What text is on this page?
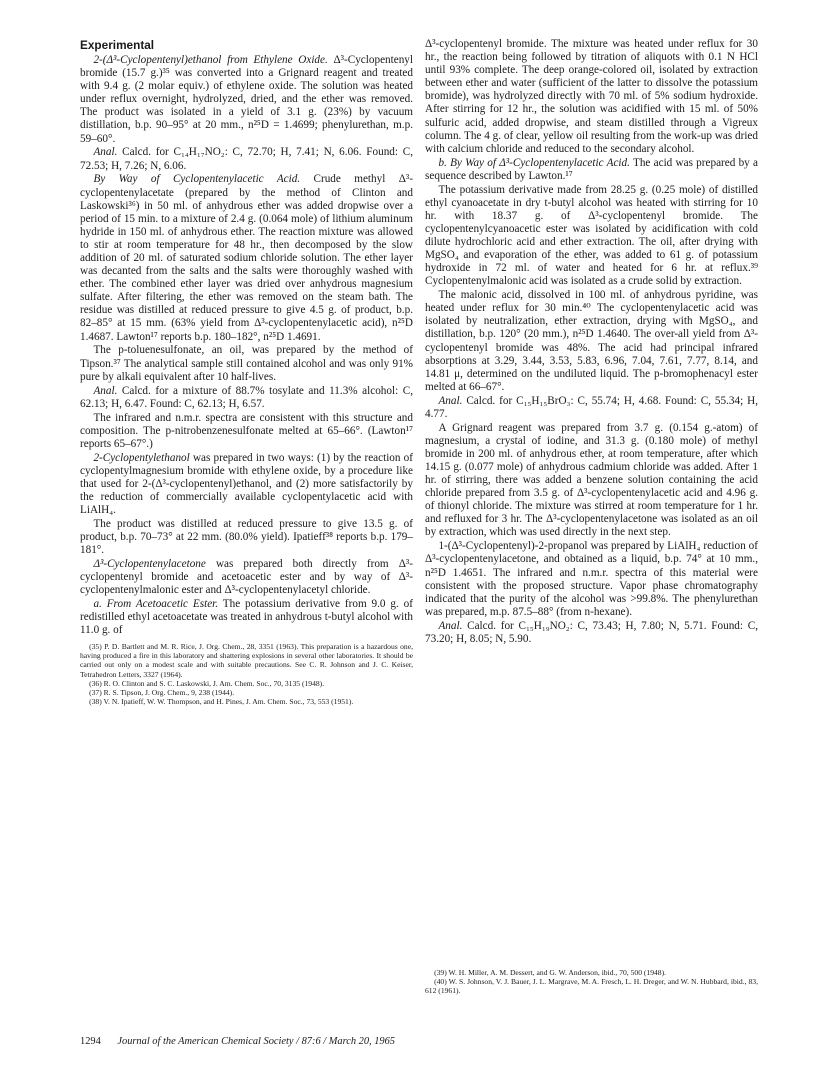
Experimental

2-(Δ³-Cyclopentenyl)ethanol from Ethylene Oxide. Δ³-Cyclopentenyl bromide (15.7 g.)³⁵ was converted into a Grignard reagent and treated with 9.4 g. (2 molar equiv.) of ethylene oxide. The solution was heated under reflux overnight, hydrolyzed, dried, and the ether was removed. The product was isolated in a yield of 3.1 g. (23%) by vacuum distillation, b.p. 90–95° at 20 mm., n²⁵D = 1.4699; phenylurethan, m.p. 59–60°.

Anal. Calcd. for C₁₄H₁₇NO₂: C, 72.70; H, 7.41; N, 6.06. Found: C, 72.53; H, 7.26; N, 6.06.

By Way of Cyclopentenylacetic Acid. Crude methyl Δ³-cyclopentenylacetate (prepared by the method of Clinton and Laskowski³⁶) in 50 ml. of anhydrous ether was added dropwise over a period of 15 min. to a mixture of 2.4 g. (0.064 mole) of lithium aluminum hydride in 150 ml. of anhydrous ether. The reaction mixture was allowed to stir at room temperature for 48 hr., then decomposed by the slow addition of 20 ml. of saturated sodium chloride solution. The ether layer was decanted from the salts and the salts were thoroughly washed with ether. The combined ether layer was dried over anhydrous magnesium sulfate. After filtering, the ether was removed on the steam bath. The residue was distilled at reduced pressure to give 4.5 g. of product, b.p. 82–85° at 15 mm. (63% yield from Δ³-cyclopentenylacetic acid), n²⁵D 1.4687. Lawton¹⁷ reports b.p. 180–182°, n²⁵D 1.4691.

The p-toluenesulfonate, an oil, was prepared by the method of Tipson.³⁷ The analytical sample still contained alcohol and was only 91% pure by alkali equivalent after 10 half-lives.

Anal. Calcd. for a mixture of 88.7% tosylate and 11.3% alcohol: C, 62.13; H, 6.47. Found: C, 62.13; H, 6.57.

The infrared and n.m.r. spectra are consistent with this structure and composition. The p-nitrobenzenesulfonate melted at 65–66°. (Lawton¹⁷ reports 65–67°.)

2-Cyclopentylethanol was prepared in two ways: (1) by the reaction of cyclopentylmagnesium bromide with ethylene oxide, by a procedure like that used for 2-(Δ³-cyclopentenyl)ethanol, and (2) more satisfactorily by the reduction of commercially available cyclopentylacetic acid with LiAlH₄.

The product was distilled at reduced pressure to give 13.5 g. of product, b.p. 70–73° at 22 mm. (80.0% yield). Ipatieff³⁸ reports b.p. 179–181°.

Δ³-Cyclopentenylacetone was prepared both directly from Δ³-cyclopentenyl bromide and acetoacetic ester and by way of Δ³-cyclopentenylmalonic ester and Δ³-cyclopentenylacetyl chloride.

a. From Acetoacetic Ester. The potassium derivative from 9.0 g. of redistilled ethyl acetoacetate was treated in anhydrous t-butyl alcohol with 11.0 g. of

(35) P. D. Bartlett and M. R. Rice, J. Org. Chem., 28, 3351 (1963). This preparation is a hazardous one, having produced a fire in this laboratory and shattering explosions in several other laboratories. It should be carried out only on a modest scale and with suitable precautions. See C. R. Johnson and J. C. Keiser, Tetrahedron Letters, 3327 (1964).

(36) R. O. Clinton and S. C. Laskowski, J. Am. Chem. Soc., 70, 3135 (1948).

(37) R. S. Tipson, J. Org. Chem., 9, 238 (1944).

(38) V. N. Ipatieff, W. W. Thompson, and H. Pines, J. Am. Chem. Soc., 73, 553 (1951).

Δ³-cyclopentenyl bromide. The mixture was heated under reflux for 30 hr., the reaction being followed by titration of aliquots with 0.1 N HCl until 93% complete. The deep orange-colored oil, isolated by extraction between ether and water (sufficient of the latter to dissolve the potassium bromide), was hydrolyzed directly with 70 ml. of 5% sodium hydroxide. After stirring for 12 hr., the solution was acidified with 15 ml. of 50% sulfuric acid, added dropwise, and steam distilled through a Vigreux column. The 4 g. of clear, yellow oil resulting from the work-up was dried with calcium chloride and reduced to the secondary alcohol.

b. By Way of Δ³-Cyclopentenylacetic Acid. The acid was prepared by a sequence described by Lawton.¹⁷

The potassium derivative made from 28.25 g. (0.25 mole) of distilled ethyl cyanoacetate in dry t-butyl alcohol was heated with stirring for 10 hr. with 18.37 g. of Δ³-cyclopentenyl bromide. The cyclopentenylcyanoacetic ester was isolated by acidification with cold dilute hydrochloric acid and ether extraction. The oil, after drying with MgSO₄ and evaporation of the ether, was added to 61 g. of potassium hydroxide in 72 ml. of water and heated for 6 hr. at reflux.³⁹ Cyclopentenylmalonic acid was isolated as a crude solid by extraction.

The malonic acid, dissolved in 100 ml. of anhydrous pyridine, was heated under reflux for 30 min.⁴⁰ The cyclopentenylacetic acid was isolated by neutralization, ether extraction, drying with MgSO₄, and distillation, b.p. 120° (20 mm.), n²⁵D 1.4640. The over-all yield from Δ³-cyclopentenyl bromide was 48%. The acid had principal infrared absorptions at 3.29, 3.44, 3.53, 5.83, 6.96, 7.04, 7.61, 7.77, 8.14, and 14.81 μ, determined on the undiluted liquid. The p-bromophenacyl ester melted at 66–67°.

Anal. Calcd. for C₁₅H₁₅BrO₃: C, 55.74; H, 4.68. Found: C, 55.34; H, 4.77.

A Grignard reagent was prepared from 3.7 g. (0.154 g.-atom) of magnesium, a crystal of iodine, and 31.3 g. (0.180 mole) of methyl bromide in 200 ml. of anhydrous ether, at room temperature, after which 14.15 g. (0.077 mole) of anhydrous cadmium chloride was added. After 1 hr. of stirring, there was added a benzene solution containing the acid chloride prepared from 3.5 g. of Δ³-cyclopentenylacetic acid and 4.96 g. of thionyl chloride. The mixture was stirred at room temperature for 1 hr. and refluxed for 3 hr. The Δ³-cyclopentenylacetone was isolated as an oil by extraction, which was used directly in the next step.

1-(Δ³-Cyclopentenyl)-2-propanol was prepared by LiAlH₄ reduction of Δ³-cyclopentenylacetone, and obtained as a liquid, b.p. 74° at 10 mm., n²⁵D 1.4651. The infrared and n.m.r. spectra of this material were consistent with the proposed structure. Vapor phase chromatography indicated that the purity of the alcohol was >99.8%. The phenylurethan was prepared, m.p. 87.5–88° (from n-hexane).

Anal. Calcd. for C₁₅H₁₉NO₂: C, 73.43; H, 7.80; N, 5.71. Found: C, 73.20; H, 8.05; N, 5.90.

(39) W. H. Miller, A. M. Dessert, and G. W. Anderson, ibid., 70, 500 (1948).

(40) W. S. Johnson, V. J. Bauer, J. L. Margrave, M. A. Fresch, L. H. Dreger, and W. N. Hubbard, ibid., 83, 612 (1961).

1294 Journal of the American Chemical Society / 87:6 / March 20, 1965
